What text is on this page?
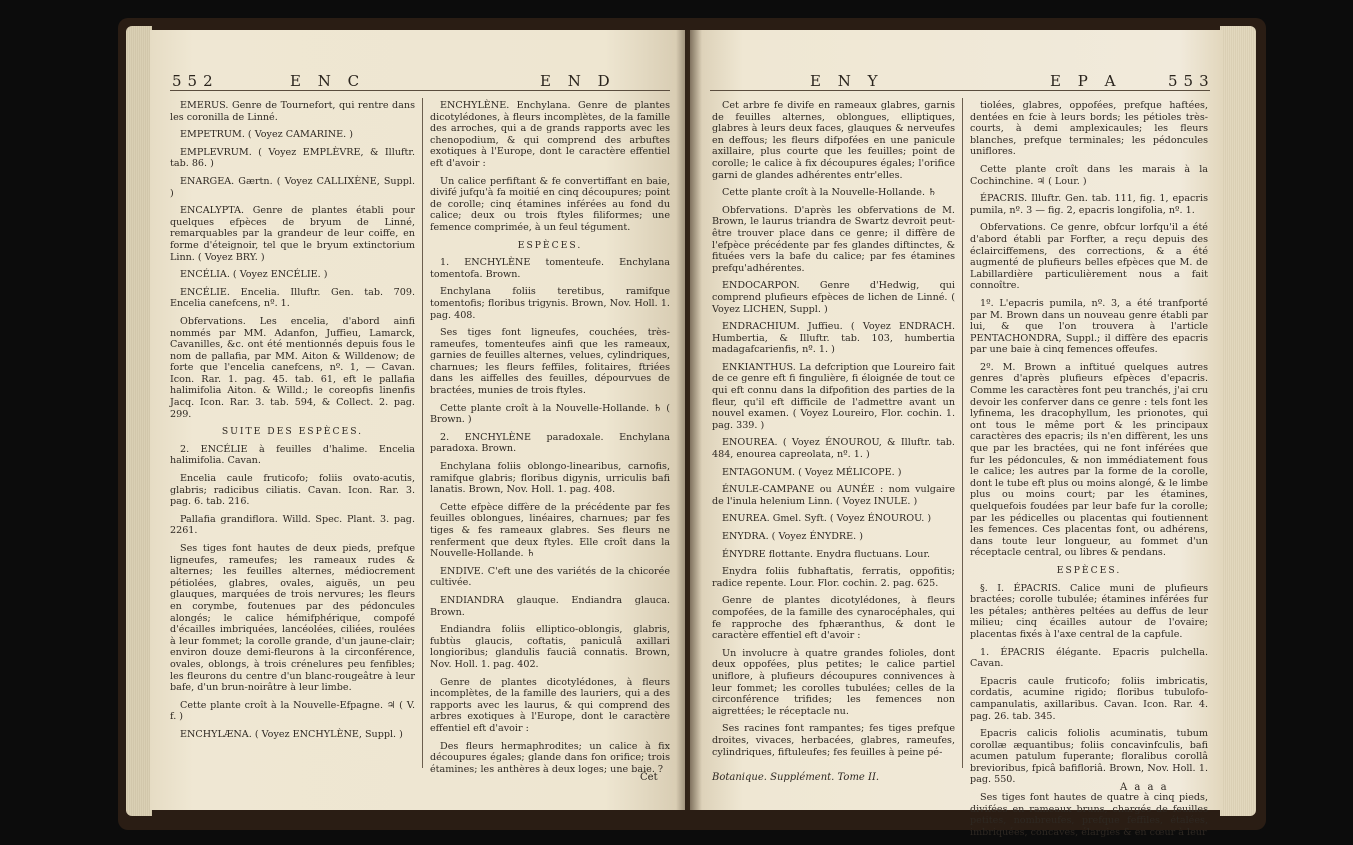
552	E N C	E N D

EMERUS. Genre de Tournefort, qui rentre dans les coronilla de Linné.

EMPETRUM. ( Voyez CAMARINE. )

EMPLEVRUM. ( Voyez EMPLÈVRE, & Illuftr. tab. 86. )

ENARGEA. Gærtn. ( Voyez CALLIXÈNE, Suppl. )

ENCALYPTA. Genre de plantes établi pour quelques efpèces de bryum de Linné, remarquables par la grandeur de leur coiffe, en forme d'éteignoir, tel que le bryum extinctorium Linn. ( Voyez BRY. )

ENCÉLIA. ( Voyez ENCÉLIE. )

ENCÉLIE. Encelia. Illuftr. Gen. tab. 709. Encelia canefcens, nº. 1.

Obfervations. Les encelia, d'abord ainfi nommés par MM. Adanfon, Juffieu, Lamarck, Cavanilles, &c. ont été mentionnés depuis fous le nom de pallafia, par MM. Aiton & Willdenow; de forte que l'encelia canefcens, nº. 1, — Cavan. Icon. Rar. 1. pag. 45. tab. 61, eft le pallafia halimifolia Aiton. & Willd.; le coreopfis linenfis Jacq. Icon. Rar. 3. tab. 594, & Collect. 2. pag. 299.

SUITE DES ESPÈCES.

2. ENCÉLIE à feuilles d'halime. Encelia halimifolia. Cavan.

Encelia caule fruticofo; foliis ovato-acutis, glabris; radicibus ciliatis. Cavan. Icon. Rar. 3. pag. 6. tab. 216.

Pallafia grandiflora. Willd. Spec. Plant. 3. pag. 2261.

Ses tiges font hautes de deux pieds, prefque ligneufes, rameufes; les rameaux rudes & alternes; les feuilles alternes, médiocrement pétiolées, glabres, ovales, aiguës, un peu glauques, marquées de trois nervures; les fleurs en corymbe, foutenues par des pédoncules alongés; le calice hémifphérique, compofé d'écailles imbriquées, lancéolées, ciliées, roulées à leur fommet; la corolle grande, d'un jaune-clair; environ douze demi-fleurons à la circonférence, ovales, oblongs, à trois crénelures peu fenfibles; les fleurons du centre d'un blanc-rougeâtre à leur bafe, d'un brun-noirâtre à leur limbe.

Cette plante croît à la Nouvelle-Efpagne. ♃ ( V. f. )

ENCHYLÆNA. ( Voyez ENCHYLÈNE, Suppl. )

ENCHYLÈNE. Enchylana. Genre de plantes dicotylédones, à fleurs incomplètes, de la famille des arroches, qui a de grands rapports avec les chenopodium, & qui comprend des arbuftes exotiques à l'Europe, dont le caractère effentiel eft d'avoir :

Un calice perfiftant & fe convertiffant en baie, divifé jufqu'à fa moitié en cinq découpures; point de corolle; cinq étamines inférées au fond du calice; deux ou trois ftyles filiformes; une femence comprimée, à un feul tégument.

ESPÈCES.

1. ENCHYLÈNE tomenteufe. Enchylana tomentofa. Brown.

Enchylana foliis teretibus, ramifque tomentofis; floribus trigynis. Brown, Nov. Holl. 1. pag. 408.

Ses tiges font ligneufes, couchées, très-rameufes, tomenteufes ainfi que les rameaux, garnies de feuilles alternes, velues, cylindriques, charnues; les fleurs feffiles, folitaires, ftriées dans les aiffelles des feuilles, dépourvues de bractées, munies de trois ftyles.

Cette plante croît à la Nouvelle-Hollande. ♄ ( Brown. )

2. ENCHYLÈNE paradoxale. Enchylana paradoxa. Brown.

Enchylana foliis oblongo-linearibus, carnofis, ramifque glabris; floribus digynis, urriculis bafi lanatis. Brown, Nov. Holl. 1. pag. 408.

Cette efpèce diffère de la précédente par fes feuilles oblongues, linéaires, charnues; par fes tiges & fes rameaux glabres. Ses fleurs ne renferment que deux ftyles. Elle croît dans la Nouvelle-Hollande. ♄

ENDIVE. C'eft une des variétés de la chicorée cultivée.

ENDIANDRA glauque. Endiandra glauca. Brown.

Endiandra foliis elliptico-oblongis, glabris, fubtùs glaucis, coftatis, paniculâ axillari longioribus; glandulis fauciâ connatis. Brown, Nov. Holl. 1. pag. 402.

Genre de plantes dicotylédones, à fleurs incomplètes, de la famille des lauriers, qui a des rapports avec les laurus, & qui comprend des arbres exotiques à l'Europe, dont le caractère effentiel eft d'avoir :

Des fleurs hermaphrodites; un calice à fix découpures égales; glande dans fon orifice; trois étamines; les anthères à deux loges; une baie. ?

Cet
E N Y	E P A	553

Cet arbre fe divife en rameaux glabres, garnis de feuilles alternes, oblongues, elliptiques, glabres à leurs deux faces, glauques & nerveufes en deffous; les fleurs difpofées en une panicule axillaire, plus courte que les feuilles; point de corolle; le calice à fix découpures égales; l'orifice garni de glandes adhérentes entr'elles.

Cette plante croît à la Nouvelle-Hollande. ♄

Obfervations. D'après les obfervations de M. Brown, le laurus triandra de Swartz devroit peut-être trouver place dans ce genre; il diffère de l'efpèce précédente par fes glandes diftinctes, & fituées vers la bafe du calice; par fes étamines prefqu'adhérentes.

ENDOCARPON. Genre d'Hedwig, qui comprend plufieurs efpèces de lichen de Linné. ( Voyez LICHEN, Suppl. )

ENDRACHIUM. Juffieu. ( Voyez ENDRACH. Humbertia, & Illuftr. tab. 103, humbertia madagafcarienfis, nº. 1. )

ENKIANTHUS. La defcription que Loureiro fait de ce genre eft fi fingulière, fi éloignée de tout ce qui eft connu dans la difpofition des parties de la fleur, qu'il eft difficile de l'admettre avant un nouvel examen. ( Voyez Loureiro, Flor. cochin. 1. pag. 339. )

ENOUREA. ( Voyez ÉNOUROU, & Illuftr. tab. 484, enourea capreolata, nº. 1. )

ENTAGONUM. ( Voyez MÉLICOPE. )

ÉNULE-CAMPANE ou AUNÉE : nom vulgaire de l'inula helenium Linn. ( Voyez INULE. )

ENUREA. Gmel. Syft. ( Voyez ÉNOUROU. )

ENYDRA. ( Voyez ÉNYDRE. )

ÉNYDRE flottante. Enydra fluctuans. Lour.

Enydra foliis fubhaftatis, ferratis, oppofitis; radice repente. Lour. Flor. cochin. 2. pag. 625.

Genre de plantes dicotylédones, à fleurs compofées, de la famille des cynarocéphales, qui fe rapproche des fphæranthus, & dont le caractère effentiel eft d'avoir :

Un involucre à quatre grandes folioles, dont deux oppofées, plus petites; le calice partiel uniflore, à plufieurs découpures connivences à leur fommet; les corolles tubulées; celles de la circonférence trifides; les femences non aigrettées; le réceptacle nu.

Ses racines font rampantes; fes tiges prefque droites, vivaces, herbacées, glabres, rameufes, cylindriques, fiftuleufes; fes feuilles à peine pé-

tiolées, glabres, oppofées, prefque haftées, dentées en fcie à leurs bords; les pétioles très-courts, à demi amplexicaules; les fleurs blanches, prefque terminales; les pédoncules uniflores.

Cette plante croît dans les marais à la Cochinchine. ♃ ( Lour. )

ÉPACRIS. Illuftr. Gen. tab. 111, fig. 1, epacris pumila, nº. 3 — fig. 2, epacris longifolia, nº. 1.

Obfervations. Ce genre, obfcur lorfqu'il a été d'abord établi par Forfter, a reçu depuis des éclairciffemens, des corrections, & a été augmenté de plufieurs belles efpèces que M. de Labillardière particulièrement nous a fait connoître.

1º. L'epacris pumila, nº. 3, a été tranfporté par M. Brown dans un nouveau genre établi par lui, & que l'on trouvera à l'article PENTACHONDRA, Suppl.; il diffère des epacris par une baie à cinq femences offeufes.

2º. M. Brown a inftitué quelques autres genres d'après plufieurs efpèces d'epacris. Comme les caractères font peu tranchés, j'ai cru devoir les conferver dans ce genre : tels font les lyfinema, les dracophyllum, les prionotes, qui ont tous le même port & les principaux caractères des epacris; ils n'en diffèrent, les uns que par les bractées, qui ne font inférées que fur les pédoncules, & non immédiatement fous le calice; les autres par la forme de la corolle, dont le tube eft plus ou moins alongé, & le limbe plus ou moins court; par les étamines, quelquefois foudées par leur bafe fur la corolle; par les pédicelles ou placentas qui foutiennent les femences. Ces placentas font, ou adhérens, dans toute leur longueur, au fommet d'un réceptacle central, ou libres & pendans.

ESPÈCES.

§. I. ÉPACRIS. Calice muni de plufieurs bractées; corolle tubulée; étamines inférées fur les pétales; anthères peltées au deffus de leur milieu; cinq écailles autour de l'ovaire; placentas fixés à l'axe central de la capfule.

1. ÉPACRIS élégante. Epacris pulchella. Cavan.

Epacris caule fruticofo; foliis imbricatis, cordatis, acumine rigido; floribus tubulofo-campanulatis, axillaribus. Cavan. Icon. Rar. 4. pag. 26. tab. 345.

Epacris calicis foliolis acuminatis, tubum corollæ æquantibus; foliis concavinfculis, bafi acumen patulum fuperante; floralibus corollâ brevioribus, fpicâ bafifloriâ. Brown, Nov. Holl. 1. pag. 550.

Ses tiges font hautes de quatre à cinq pieds, divifées en rameaux bruns, chargés de feuilles petites, nombreufes, prefque feffiles, étalées, imbriquées, concaves, élargies & en cœur à leur

Botanique. Supplément. Tome II.
A a a a
